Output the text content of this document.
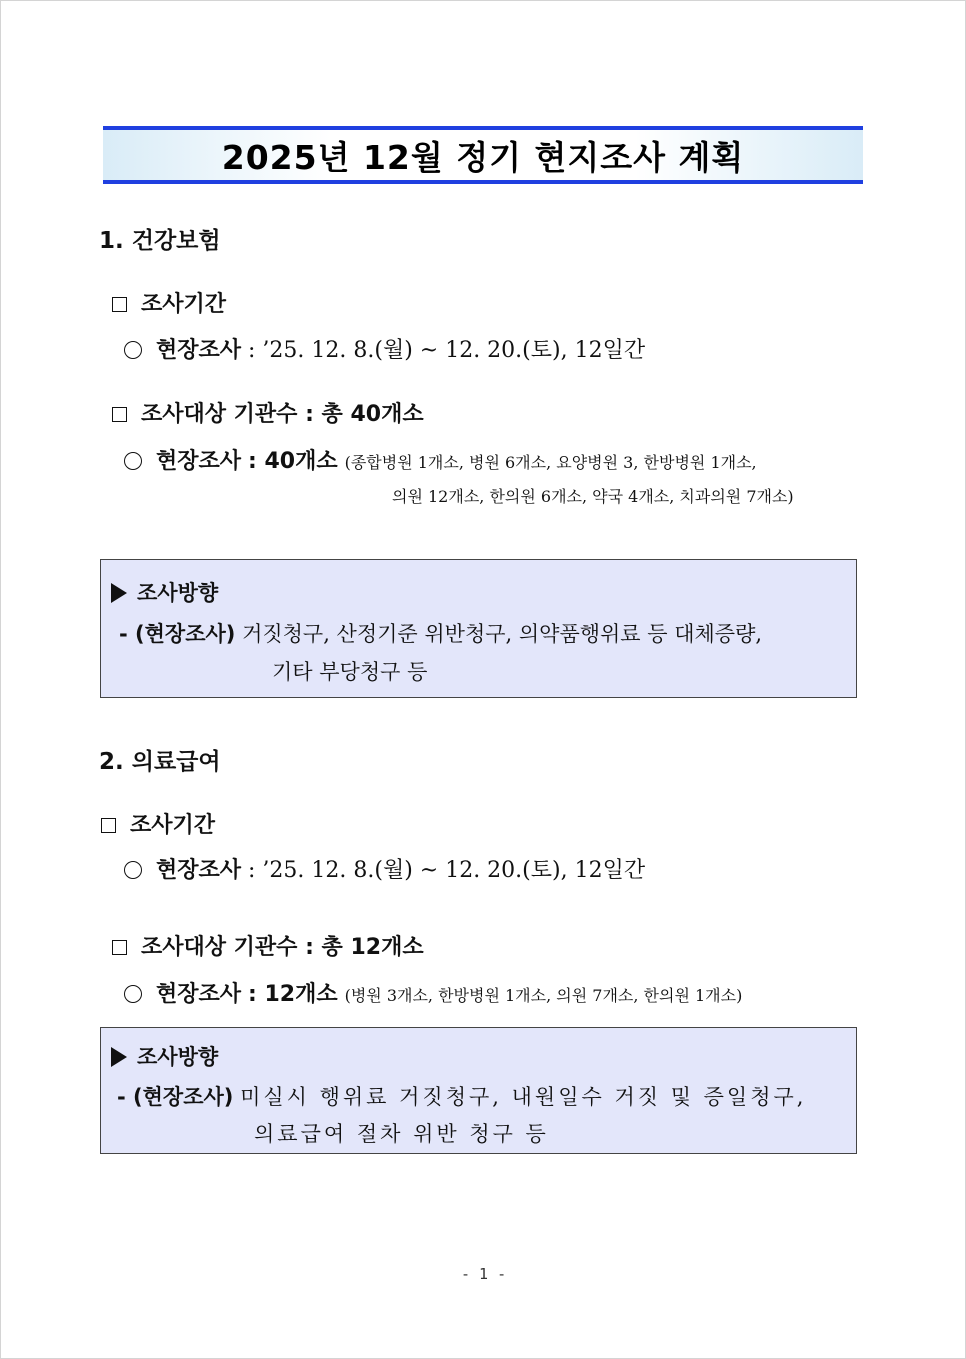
2025년 12월 정기 현지조사 계획
1. 건강보험
조사기간
현장조사 : ’25. 12. 8.(월) ~ 12. 20.(토), 12일간
조사대상 기관수 : 총 40개소
현장조사 : 40개소 (종합병원 1개소, 병원 6개소, 요양병원 3, 한방병원 1개소,
의원 12개소, 한의원 6개소, 약국 4개소, 치과의원 7개소)
조사방향
- (현장조사) 거짓청구, 산정기준 위반청구, 의약품행위료 등 대체증량,
기타 부당청구 등
2. 의료급여
조사기간
현장조사 : ’25. 12. 8.(월) ~ 12. 20.(토), 12일간
조사대상 기관수 : 총 12개소
현장조사 : 12개소 (병원 3개소, 한방병원 1개소, 의원 7개소, 한의원 1개소)
조사방향
- (현장조사) 미실시 행위료 거짓청구, 내원일수 거짓 및 증일청구,
의료급여 절차 위반 청구 등
- 1 -
